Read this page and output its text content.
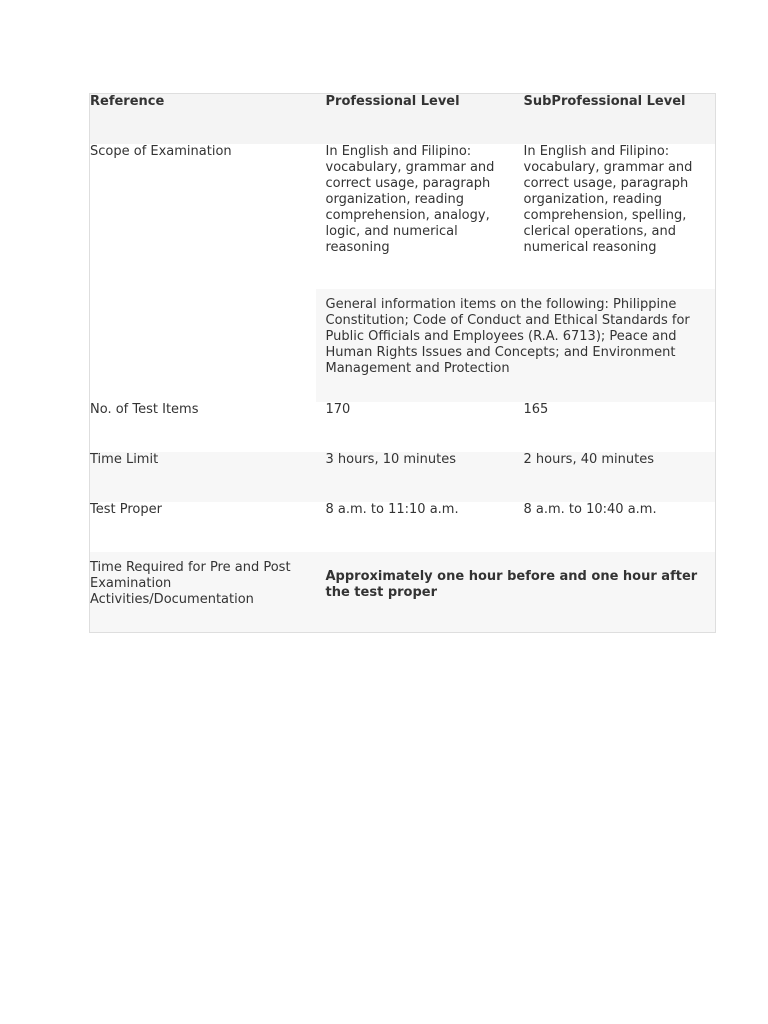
Reference	Professional Level	SubProfessional Level
Scope of Examination	In English and Filipino: vocabulary, grammar and correct usage, paragraph organization, reading comprehension, analogy, logic, and numerical reasoning	In English and Filipino: vocabulary, grammar and correct usage, paragraph organization, reading comprehension, spelling, clerical operations, and numerical reasoning
	General information items on the following: Philippine Constitution; Code of Conduct and Ethical Standards for Public Officials and Employees (R.A. 6713); Peace and Human Rights Issues and Concepts; and Environment Management and Protection	
No. of Test Items	170	165
Time Limit	3 hours, 10 minutes	2 hours, 40 minutes
Test Proper	8 a.m. to 11:10 a.m.	8 a.m. to 10:40 a.m.
Time Required for Pre and Post Examination Activities/Documentation	Approximately one hour before and one hour after the test proper	
